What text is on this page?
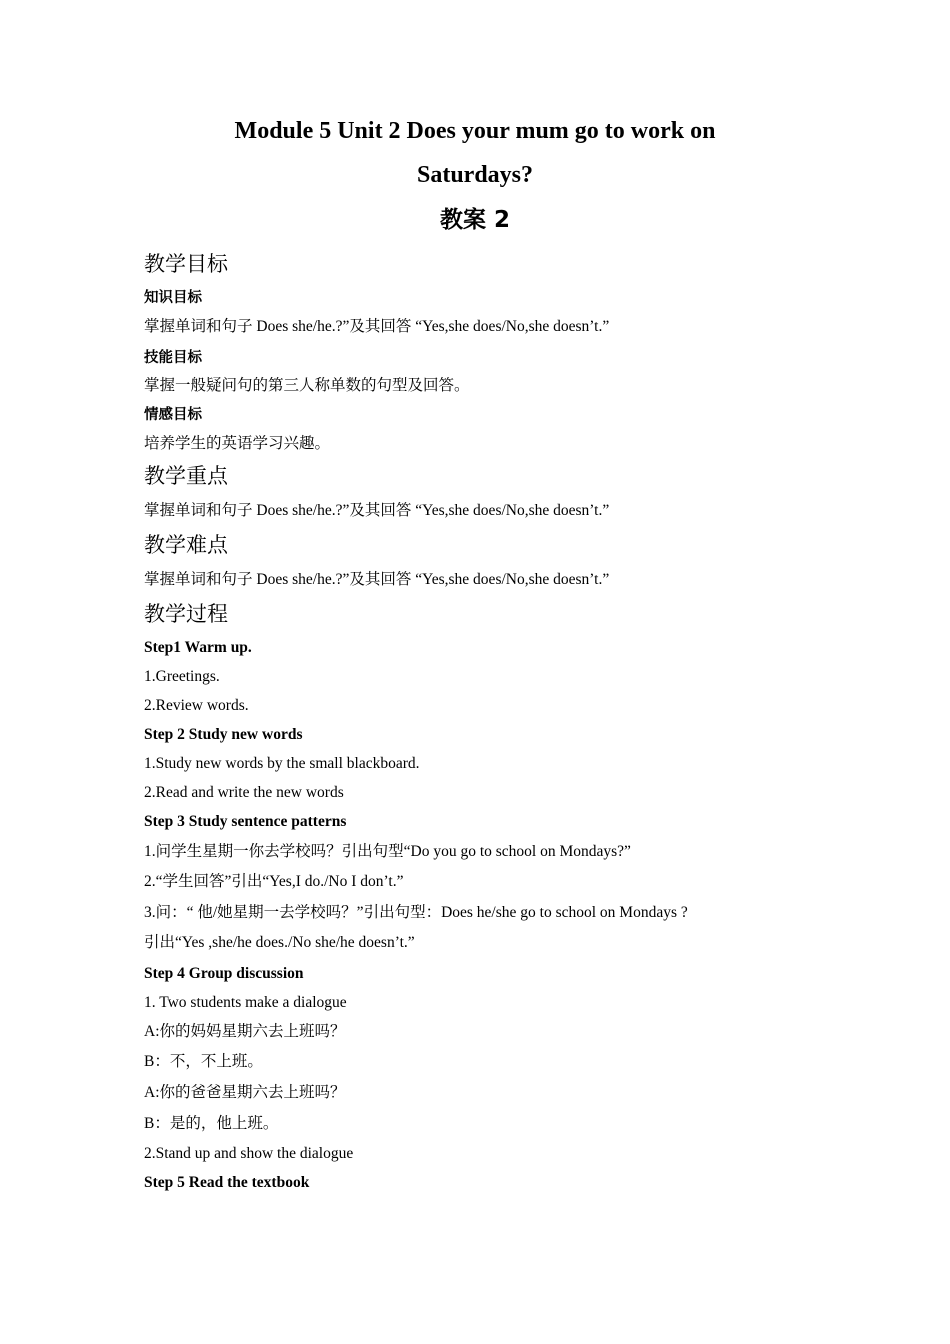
Module 5 Unit 2 Does your mum go to work on
Saturdays?
教案 2
教学目标
知识目标
掌握单词和句子 Does she/he.?”及其回答 “Yes,she does/No,she doesn’t.”
技能目标
掌握一般疑问句的第三人称单数的句型及回答。
情感目标
培养学生的英语学习兴趣。
教学重点
掌握单词和句子 Does she/he.?”及其回答 “Yes,she does/No,she doesn’t.”
教学难点
掌握单词和句子 Does she/he.?”及其回答 “Yes,she does/No,she doesn’t.”
教学过程
Step1 Warm up.
1.Greetings.
2.Review words.
Step 2 Study new words
1.Study new words by the small blackboard.
2.Read and write the new words
Step 3 Study sentence patterns
1.问学生星期一你去学校吗？引出句型“Do you go to school on Mondays?”
2.“学生回答”引出“Yes,I do./No I don’t.”
3.问：“ 他/她星期一去学校吗？”引出句型：Does he/she go to school on Mondays ?
引出“Yes ,she/he does./No she/he doesn’t.”
Step 4 Group discussion
1. Two students make a dialogue
A:你的妈妈星期六去上班吗？
B：不，不上班。
A:你的爸爸星期六去上班吗？
B：是的，他上班。
2.Stand up and show the dialogue
Step 5 Read the textbook
